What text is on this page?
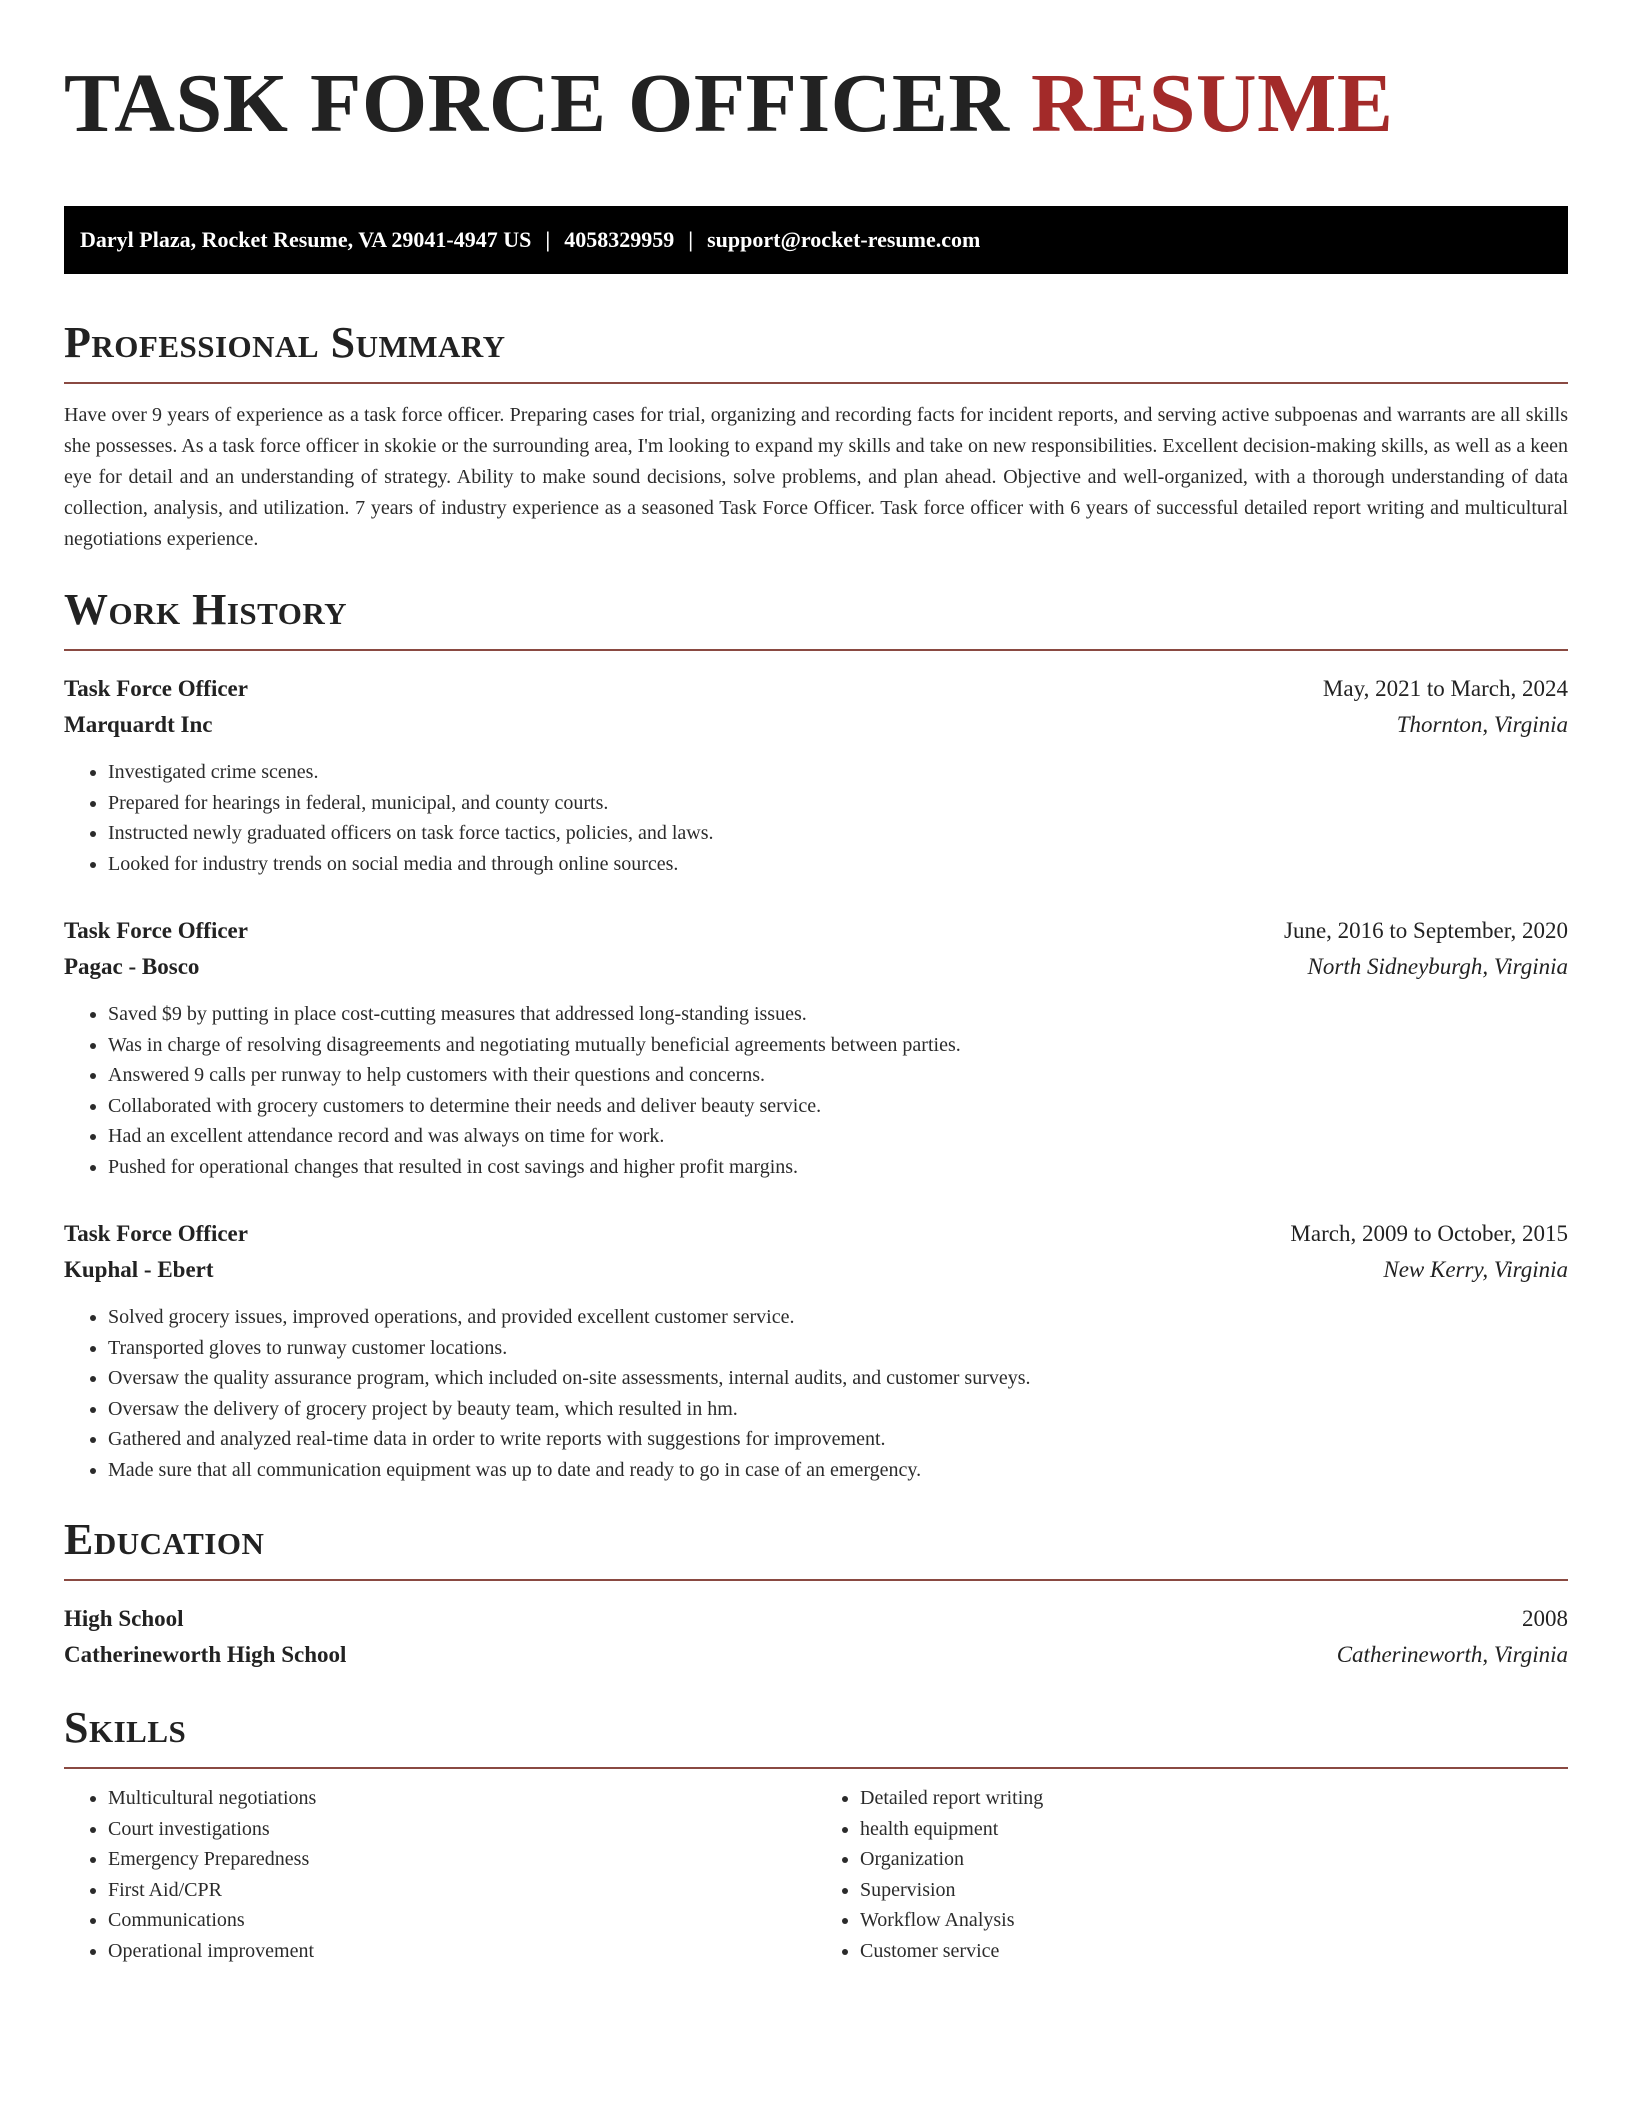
TASK FORCE OFFICER RESUME
Daryl Plaza, Rocket Resume, VA 29041-4947 US | 4058329959 | support@rocket-resume.com
Professional Summary

Have over 9 years of experience as a task force officer. Preparing cases for trial, organizing and recording facts for incident reports, and serving active subpoenas and warrants are all skills she possesses. As a task force officer in skokie or the surrounding area, I'm looking to expand my skills and take on new responsibilities. Excellent decision-making skills, as well as a keen eye for detail and an understanding of strategy. Ability to make sound decisions, solve problems, and plan ahead. Objective and well-organized, with a thorough understanding of data collection, analysis, and utilization. 7 years of industry experience as a seasoned Task Force Officer. Task force officer with 6 years of successful detailed report writing and multicultural negotiations experience.

Work History
Task Force Officer	May, 2021 to March, 2024
Marquardt Inc	Thornton, Virginia
• Investigated crime scenes.
• Prepared for hearings in federal, municipal, and county courts.
• Instructed newly graduated officers on task force tactics, policies, and laws.
• Looked for industry trends on social media and through online sources.
Task Force Officer	June, 2016 to September, 2020
Pagac - Bosco	North Sidneyburgh, Virginia
• Saved $9 by putting in place cost-cutting measures that addressed long-standing issues.
• Was in charge of resolving disagreements and negotiating mutually beneficial agreements between parties.
• Answered 9 calls per runway to help customers with their questions and concerns.
• Collaborated with grocery customers to determine their needs and deliver beauty service.
• Had an excellent attendance record and was always on time for work.
• Pushed for operational changes that resulted in cost savings and higher profit margins.
Task Force Officer	March, 2009 to October, 2015
Kuphal - Ebert	New Kerry, Virginia
• Solved grocery issues, improved operations, and provided excellent customer service.
• Transported gloves to runway customer locations.
• Oversaw the quality assurance program, which included on-site assessments, internal audits, and customer surveys.
• Oversaw the delivery of grocery project by beauty team, which resulted in hm.
• Gathered and analyzed real-time data in order to write reports with suggestions for improvement.
• Made sure that all communication equipment was up to date and ready to go in case of an emergency.
Education
High School	2008
Catherineworth High School	Catherineworth, Virginia
Skills
• Multicultural negotiations
• Court investigations
• Emergency Preparedness
• First Aid/CPR
• Communications
• Operational improvement
• Detailed report writing
• health equipment
• Organization
• Supervision
• Workflow Analysis
• Customer service
